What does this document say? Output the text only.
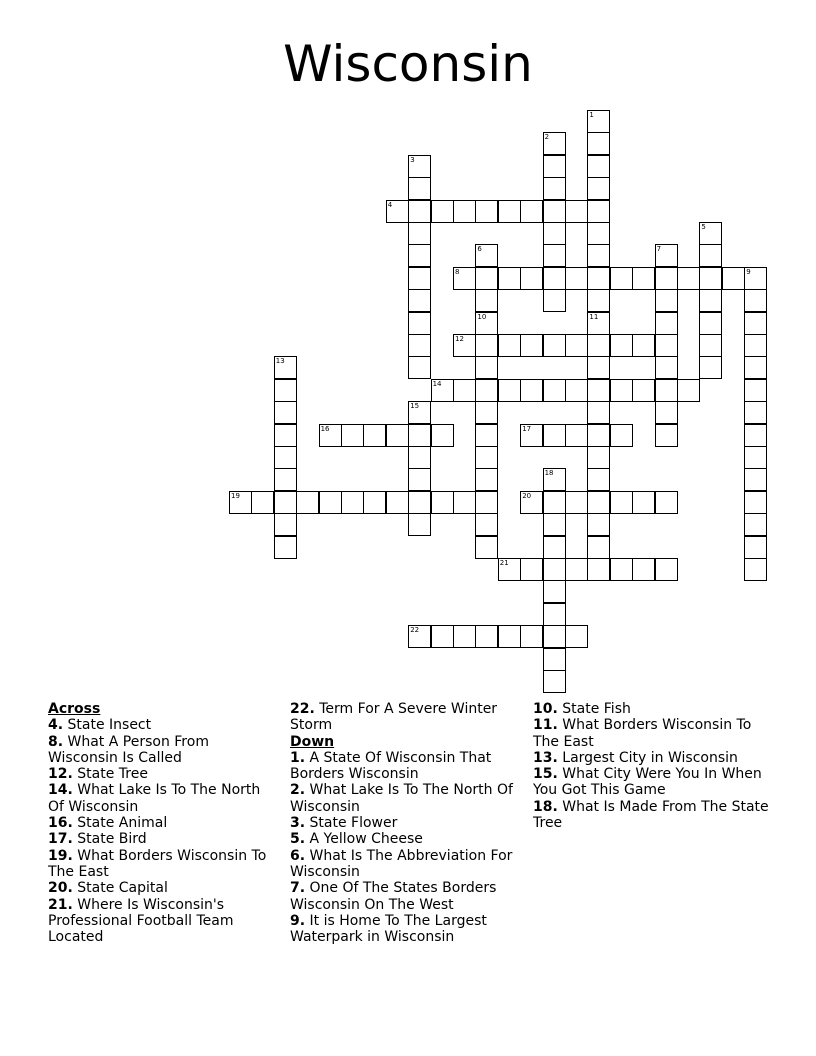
Wisconsin
4
8
12
14
16	17
19	20
21
22
1
11
2
3
5
6	7
9
10
13
15
18
Across
4. State Insect
8. What A Person From Wisconsin Is Called
12. State Tree
14. What Lake Is To The North Of Wisconsin
16. State Animal
17. State Bird
19. What Borders Wisconsin To The East
20. State Capital
21. Where Is Wisconsin's Professional Football Team Located
22. Term For A Severe Winter Storm
Down
1. A State Of Wisconsin That Borders Wisconsin
2. What Lake Is To The North Of Wisconsin
3. State Flower
5. A Yellow Cheese
6. What Is The Abbreviation For Wisconsin
7. One Of The States Borders Wisconsin On The West
9. It is Home To The Largest Waterpark in Wisconsin
10. State Fish
11. What Borders Wisconsin To The East
13. Largest City in Wisconsin
15. What City Were You In When You Got This Game
18. What Is Made From The State Tree
